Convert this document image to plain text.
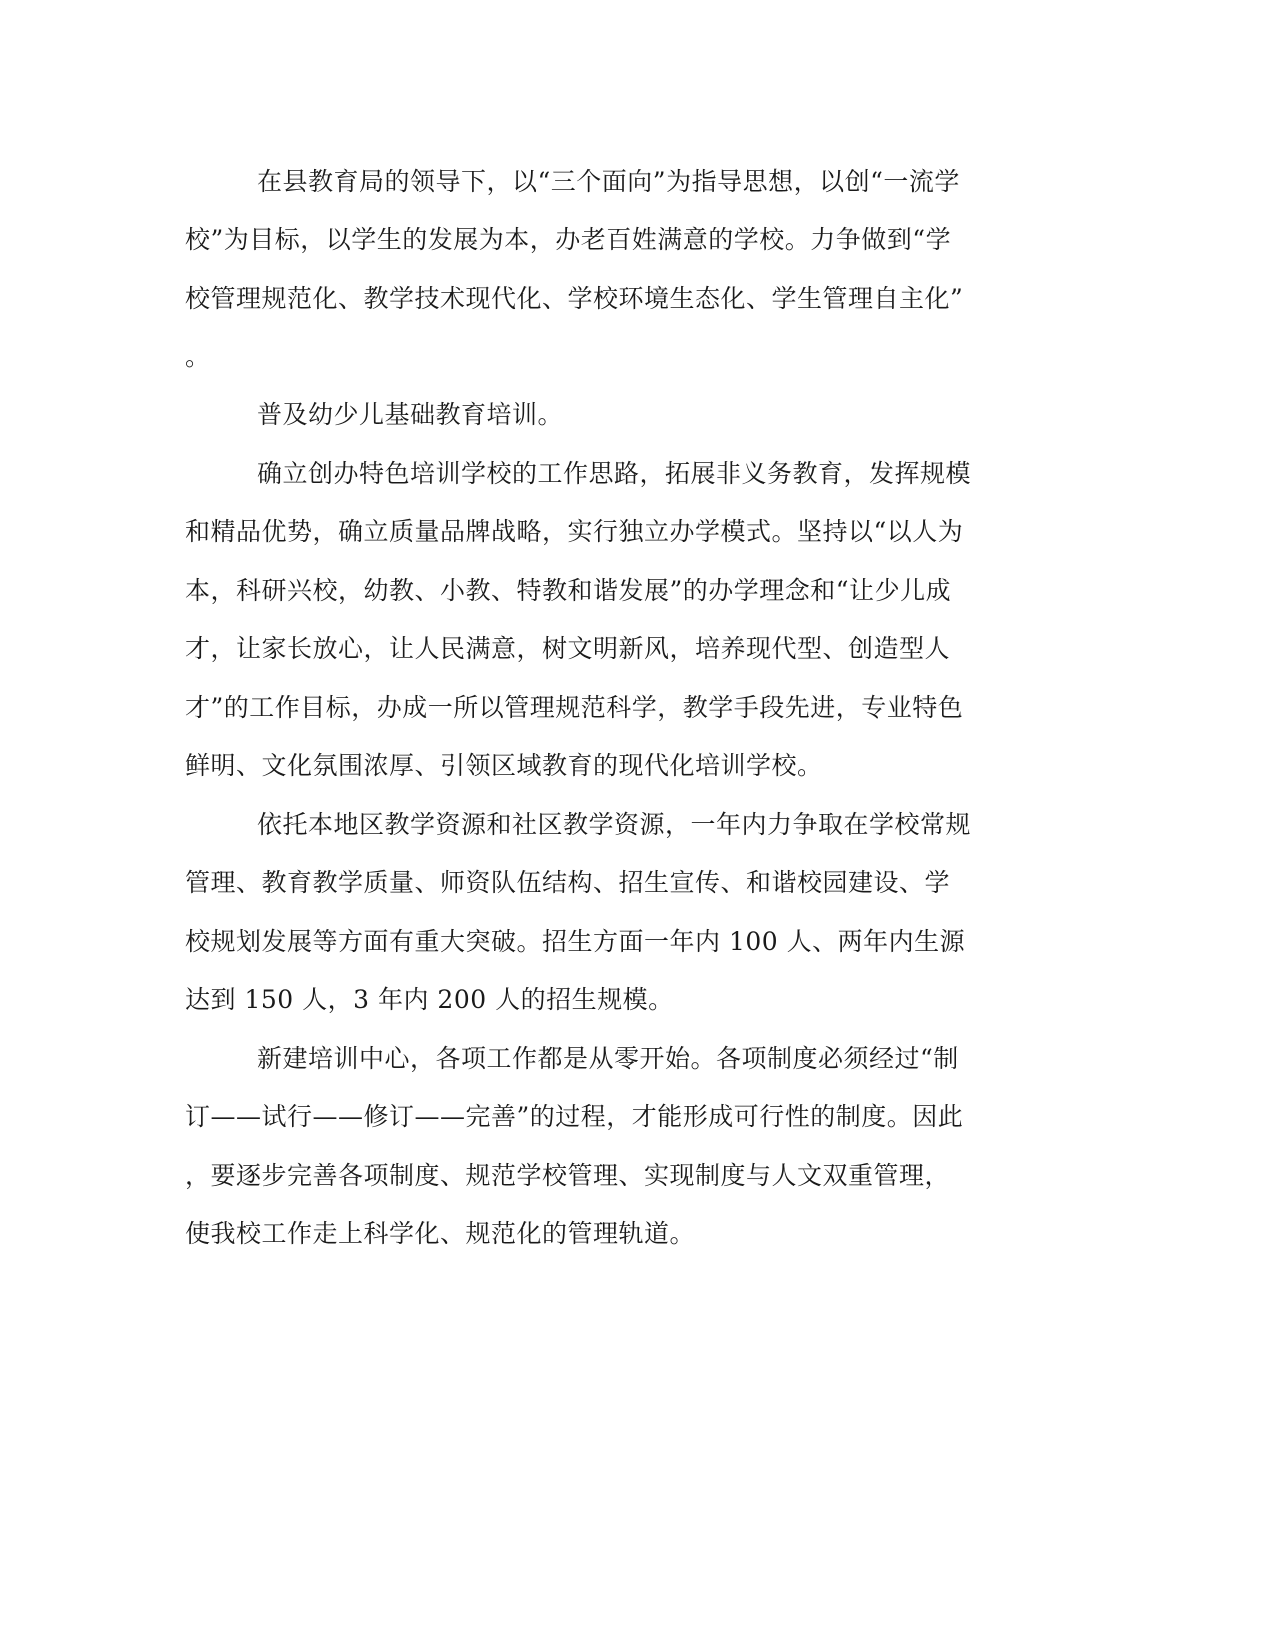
在县教育局的领导下，以“三个面向”为指导思想，以创“一流学
校”为目标，以学生的发展为本，办老百姓满意的学校。力争做到“学
校管理规范化、教学技术现代化、学校环境生态化、学生管理自主化”
。
普及幼少儿基础教育培训。
确立创办特色培训学校的工作思路，拓展非义务教育，发挥规模
和精品优势，确立质量品牌战略，实行独立办学模式。坚持以“以人为
本，科研兴校，幼教、小教、特教和谐发展”的办学理念和“让少儿成
才，让家长放心，让人民满意，树文明新风，培养现代型、创造型人
才”的工作目标，办成一所以管理规范科学，教学手段先进，专业特色
鲜明、文化氛围浓厚、引领区域教育的现代化培训学校。
依托本地区教学资源和社区教学资源，一年内力争取在学校常规
管理、教育教学质量、师资队伍结构、招生宣传、和谐校园建设、学
校规划发展等方面有重大突破。招生方面一年内 100 人、两年内生源
达到 150 人，3 年内 200 人的招生规模。
新建培训中心，各项工作都是从零开始。各项制度必须经过“制
订——试行——修订——完善”的过程，才能形成可行性的制度。因此
，要逐步完善各项制度、规范学校管理、实现制度与人文双重管理，
使我校工作走上科学化、规范化的管理轨道。
